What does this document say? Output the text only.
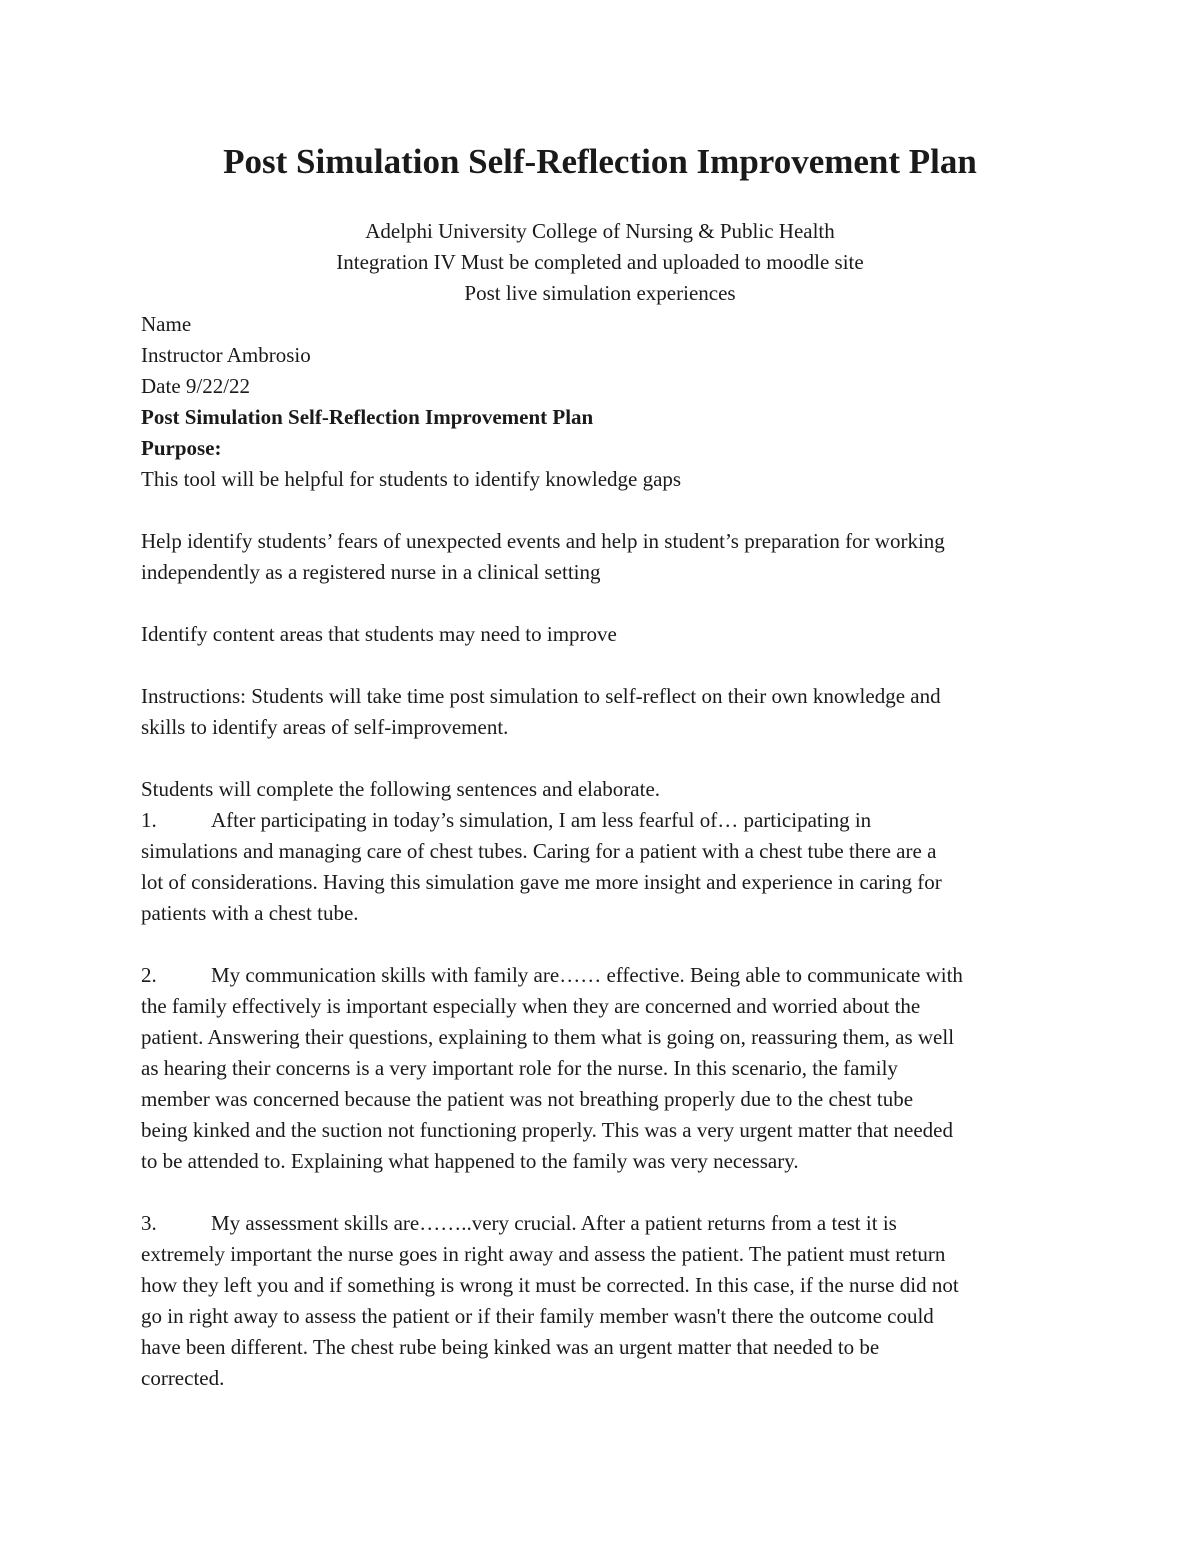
Post Simulation Self-Reflection Improvement Plan
Adelphi University College of Nursing & Public Health
Integration IV Must be completed and uploaded to moodle site
Post live simulation experiences
Name
Instructor Ambrosio
Date 9/22/22
Post Simulation Self-Reflection Improvement Plan
Purpose:
This tool will be helpful for students to identify knowledge gaps
Help identify students’ fears of unexpected events and help in student’s preparation for working
independently as a registered nurse in a clinical setting
Identify content areas that students may need to improve
Instructions: Students will take time post simulation to self-reflect on their own knowledge and
skills to identify areas of self-improvement.
Students will complete the following sentences and elaborate.
1.	After participating in today’s simulation, I am less fearful of… participating in
simulations and managing care of chest tubes. Caring for a patient with a chest tube there are a
lot of considerations. Having this simulation gave me more insight and experience in caring for
patients with a chest tube.
2.	My communication skills with family are…… effective. Being able to communicate with
the family effectively is important especially when they are concerned and worried about the
patient. Answering their questions, explaining to them what is going on, reassuring them, as well
as hearing their concerns is a very important role for the nurse. In this scenario, the family
member was concerned because the patient was not breathing properly due to the chest tube
being kinked and the suction not functioning properly. This was a very urgent matter that needed
to be attended to. Explaining what happened to the family was very necessary.
3.	My assessment skills are……..very crucial. After a patient returns from a test it is
extremely important the nurse goes in right away and assess the patient. The patient must return
how they left you and if something is wrong it must be corrected. In this case, if the nurse did not
go in right away to assess the patient or if their family member wasn't there the outcome could
have been different. The chest rube being kinked was an urgent matter that needed to be
corrected.
